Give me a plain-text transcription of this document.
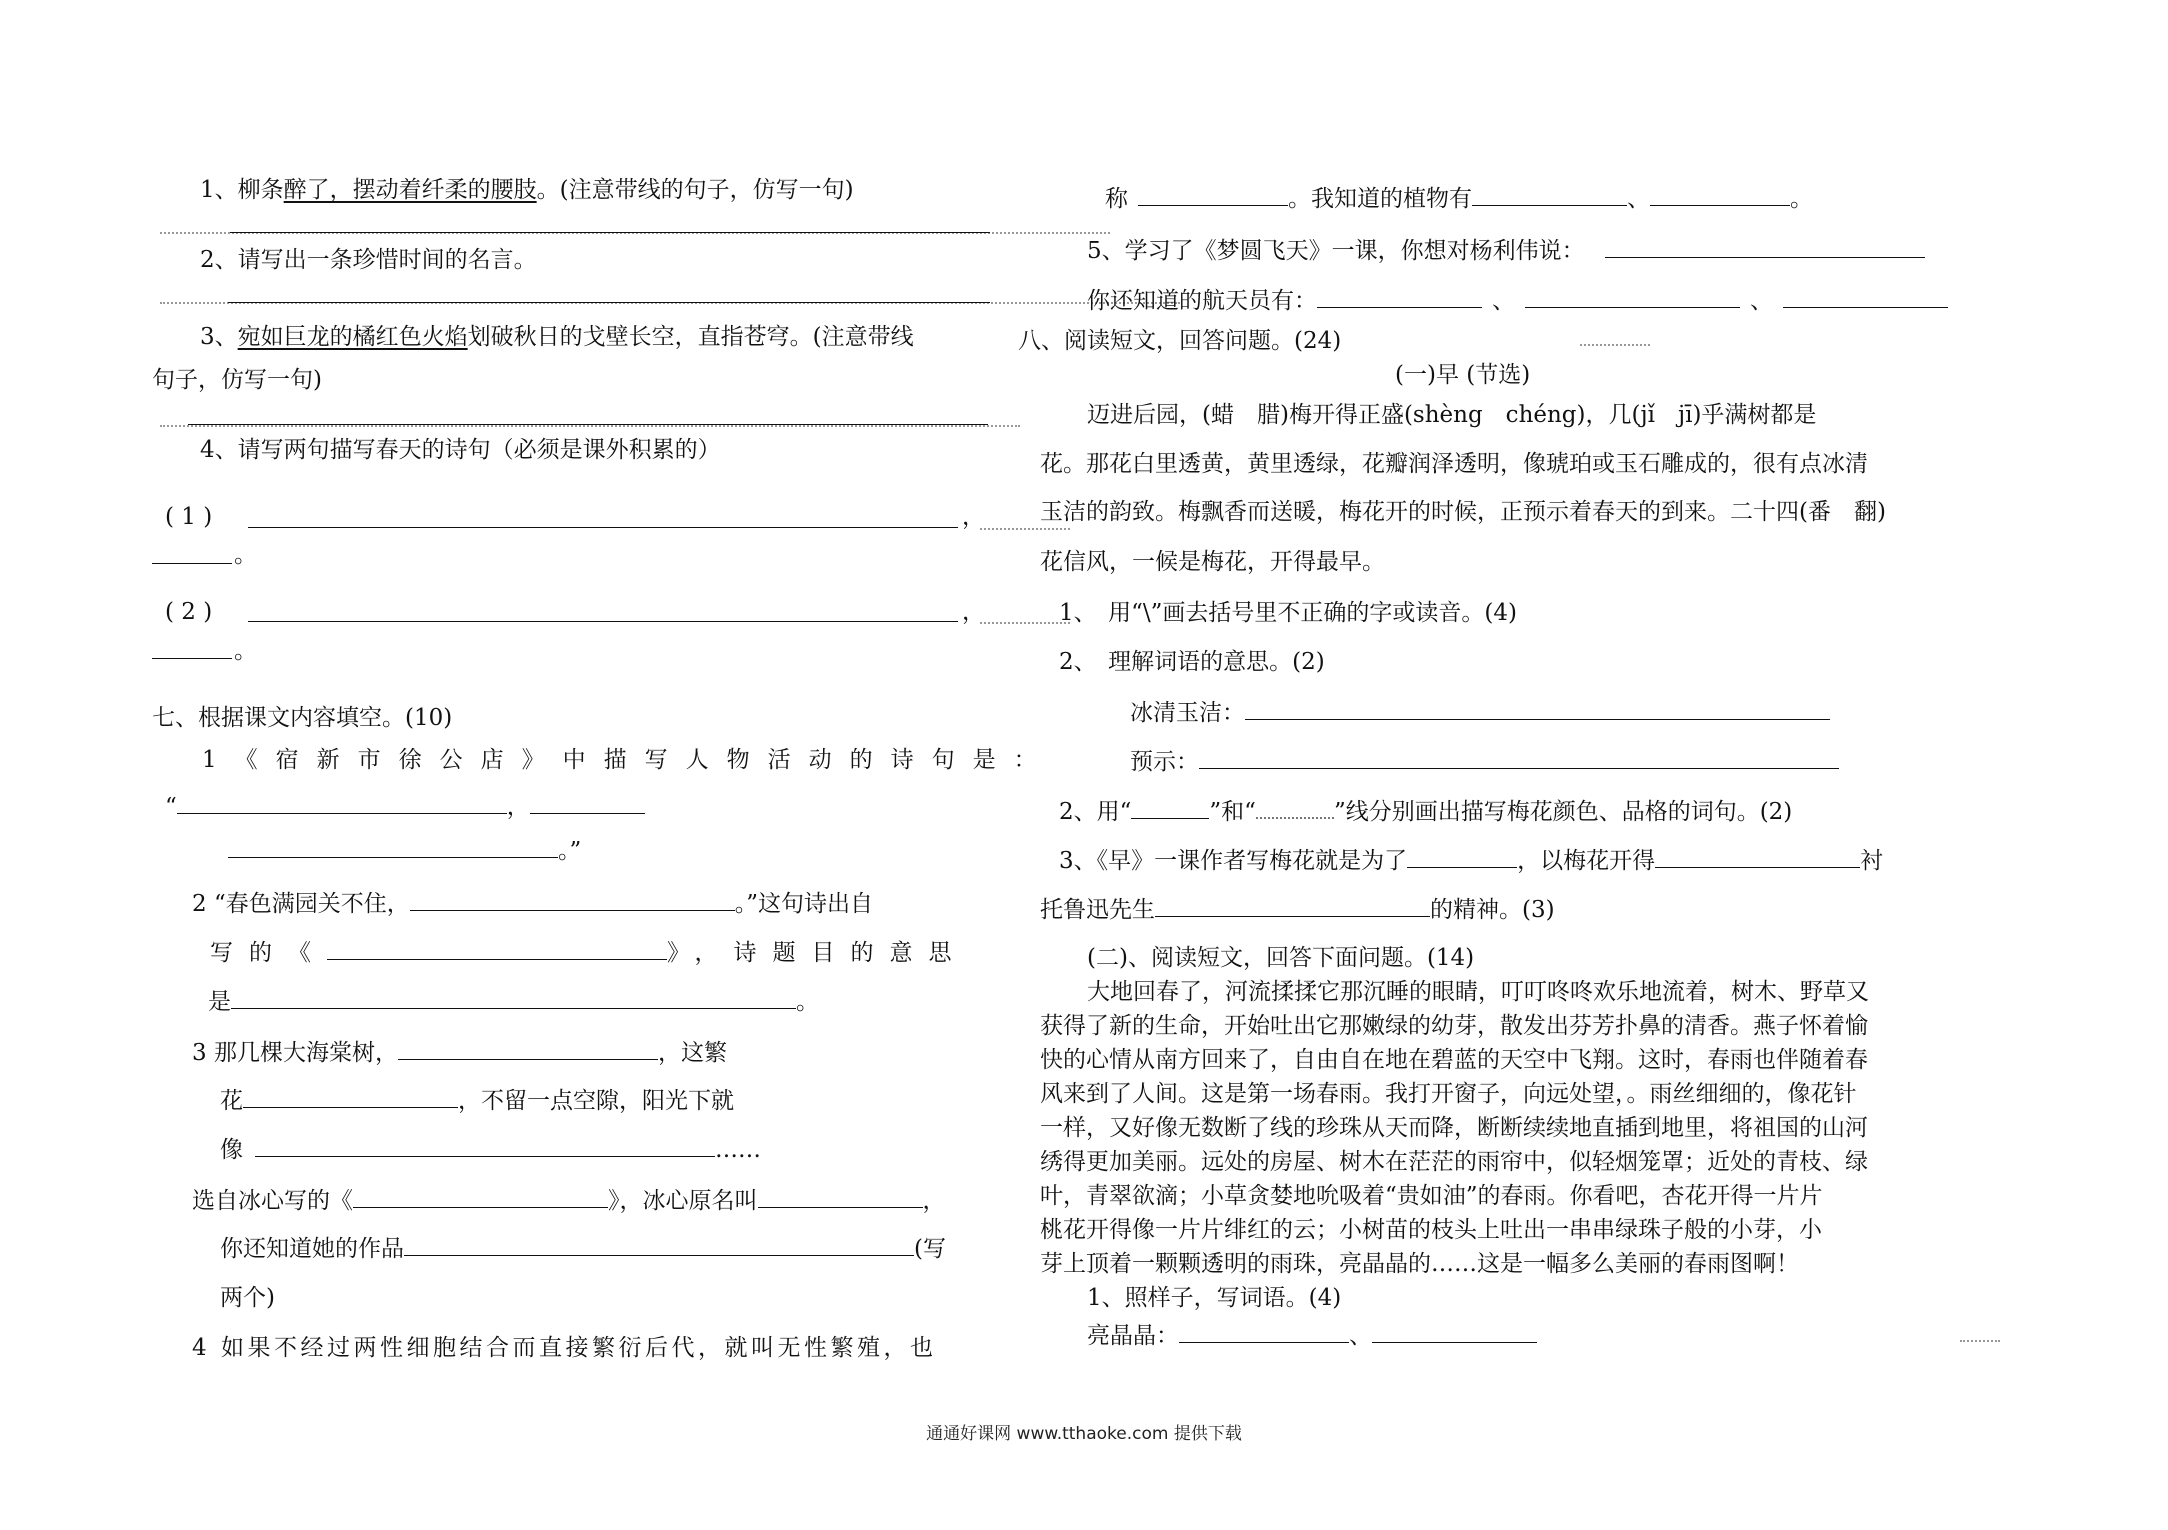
1、柳条醉了，摆动着纤柔的腰肢。(注意带线的句子，仿写一句)
2、请写出一条珍惜时间的名言。
3、宛如巨龙的橘红色火焰划破秋日的戈壁长空，直指苍穹。(注意带线
句子，仿写一句)
4、请写两句描写春天的诗句（必须是课外积累的）
( 1 )	，
。
( 2 )	，
。
七、根据课文内容填空。(10)
1《宿新市徐公店》中描写人物活动的诗句是：
“	，
。”
2 “春色满园关不住，	。”这句诗出自
写的《	》，诗题目的意思
是	。
3 那几棵大海棠树，	，这繁
花	，不留一点空隙，阳光下就
像	……
选自冰心写的《	》，冰心原名叫	，
你还知道她的作品	(写
两个)
4 如果不经过两性细胞结合而直接繁衍后代，就叫无性繁殖，也
称	。我知道的植物有	、	。
5、学习了《梦圆飞天》一课，你想对杨利伟说：
你还知道的航天员有：	、	、
八、阅读短文，回答问题。(24)
(一)早 (节选)
迈进后园，(蜡　腊)梅开得正盛(shèng　chéng)，几(jǐ　jī)乎满树都是
花。那花白里透黄，黄里透绿，花瓣润泽透明，像琥珀或玉石雕成的，很有点冰清
玉洁的韵致。梅飘香而送暖，梅花开的时候，正预示着春天的到来。二十四(番　翻)
花信风，一候是梅花，开得最早。
1、　用“\”画去括号里不正确的字或读音。(4)
2、　理解词语的意思。(2)
冰清玉洁：
预示：
2、用“	”和“	”线分别画出描写梅花颜色、品格的词句。(2)
3、《早》一课作者写梅花就是为了	，以梅花开得	衬
托鲁迅先生	的精神。(3)
(二)、阅读短文，回答下面问题。(14)
大地回春了，河流揉揉它那沉睡的眼睛，叮叮咚咚欢乐地流着，树木、野草又
获得了新的生命，开始吐出它那嫩绿的幼芽，散发出芬芳扑鼻的清香。燕子怀着愉
快的心情从南方回来了，自由自在地在碧蓝的天空中飞翔。这时，春雨也伴随着春
风来到了人间。这是第一场春雨。我打开窗子，向远处望，。雨丝细细的，像花针
一样，又好像无数断了线的珍珠从天而降，断断续续地直插到地里，将祖国的山河
绣得更加美丽。远处的房屋、树木在茫茫的雨帘中，似轻烟笼罩；近处的青枝、绿
叶，青翠欲滴；小草贪婪地吮吸着“贵如油”的春雨。你看吧，杏花开得一片片
桃花开得像一片片绯红的云；小树苗的枝头上吐出一串串绿珠子般的小芽，小
芽上顶着一颗颗透明的雨珠，亮晶晶的……这是一幅多么美丽的春雨图啊！
1、照样子，写词语。(4)
亮晶晶：	、
通通好课网 www.tthaoke.com 提供下载
